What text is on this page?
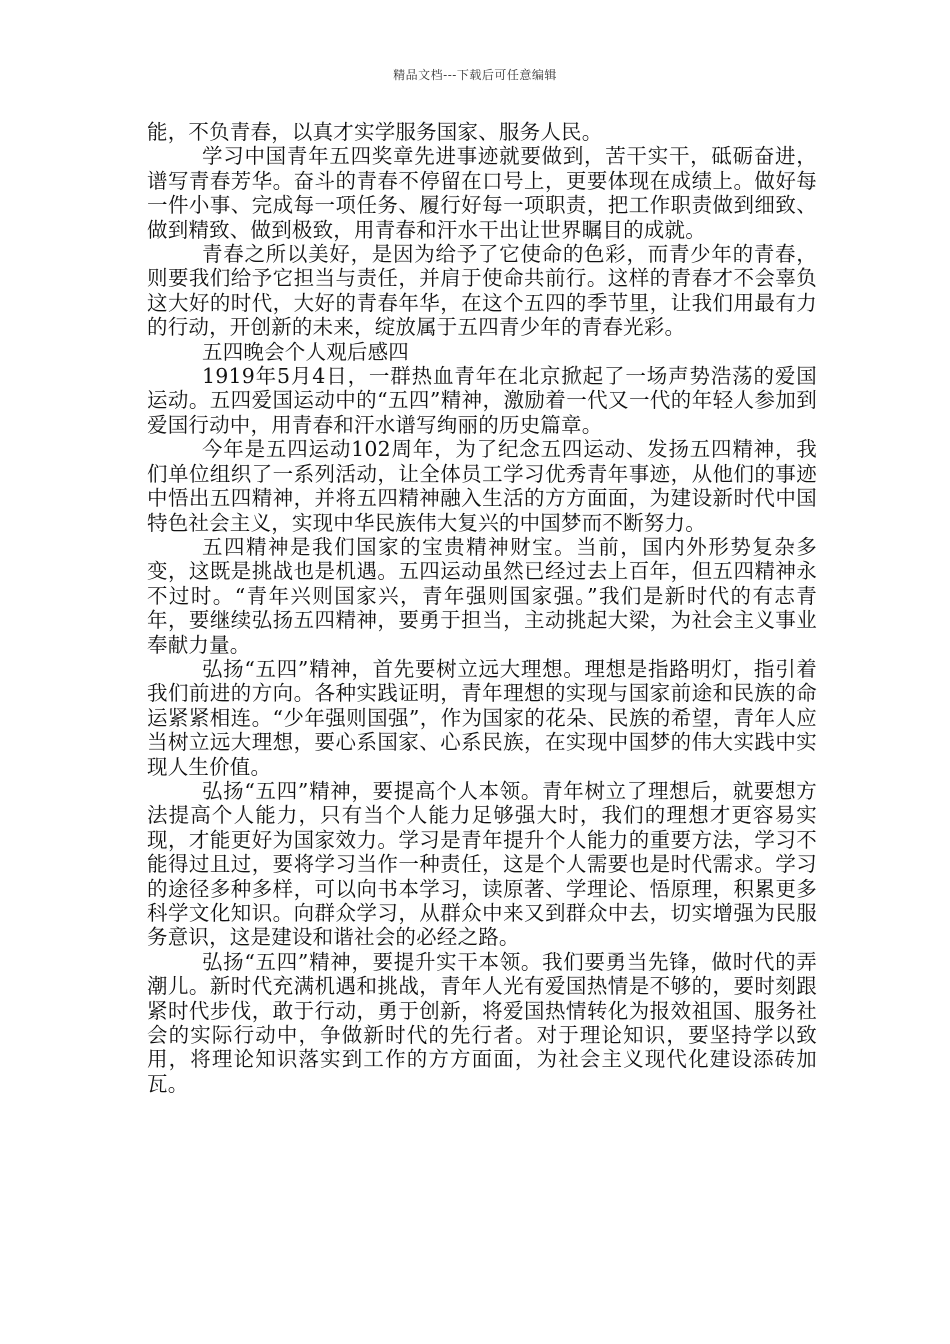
精品文档---下载后可任意编辑

能，不负青春，以真才实学服务国家、服务人民。

学习中国青年五四奖章先进事迹就要做到，苦干实干，砥砺奋进，谱写青春芳华。奋斗的青春不停留在口号上，更要体现在成绩上。做好每一件小事、完成每一项任务、履行好每一项职责，把工作职责做到细致、做到精致、做到极致，用青春和汗水干出让世界瞩目的成就。

青春之所以美好，是因为给予了它使命的色彩，而青少年的青春，则要我们给予它担当与责任，并肩于使命共前行。这样的青春才不会辜负这大好的时代，大好的青春年华，在这个五四的季节里，让我们用最有力的行动，开创新的未来，绽放属于五四青少年的青春光彩。

五四晚会个人观后感四

1919年5月4日，一群热血青年在北京掀起了一场声势浩荡的爱国运动。五四爱国运动中的“五四”精神，激励着一代又一代的年轻人参加到爱国行动中，用青春和汗水谱写绚丽的历史篇章。

今年是五四运动102周年，为了纪念五四运动、发扬五四精神，我们单位组织了一系列活动，让全体员工学习优秀青年事迹，从他们的事迹中悟出五四精神，并将五四精神融入生活的方方面面，为建设新时代中国特色社会主义，实现中华民族伟大复兴的中国梦而不断努力。

五四精神是我们国家的宝贵精神财宝。当前，国内外形势复杂多变，这既是挑战也是机遇。五四运动虽然已经过去上百年，但五四精神永不过时。“青年兴则国家兴，青年强则国家强。”我们是新时代的有志青年，要继续弘扬五四精神，要勇于担当，主动挑起大梁，为社会主义事业奉献力量。

弘扬“五四”精神，首先要树立远大理想。理想是指路明灯，指引着我们前进的方向。各种实践证明，青年理想的实现与国家前途和民族的命运紧紧相连。“少年强则国强”，作为国家的花朵、民族的希望，青年人应当树立远大理想，要心系国家、心系民族，在实现中国梦的伟大实践中实现人生价值。

弘扬“五四”精神，要提高个人本领。青年树立了理想后，就要想方法提高个人能力，只有当个人能力足够强大时，我们的理想才更容易实现，才能更好为国家效力。学习是青年提升个人能力的重要方法，学习不能得过且过，要将学习当作一种责任，这是个人需要也是时代需求。学习的途径多种多样，可以向书本学习，读原著、学理论、悟原理，积累更多科学文化知识。向群众学习，从群众中来又到群众中去，切实增强为民服务意识，这是建设和谐社会的必经之路。

弘扬“五四”精神，要提升实干本领。我们要勇当先锋，做时代的弄潮儿。新时代充满机遇和挑战，青年人光有爱国热情是不够的，要时刻跟紧时代步伐，敢于行动，勇于创新，将爱国热情转化为报效祖国、服务社会的实际行动中，争做新时代的先行者。对于理论知识，要坚持学以致用，将理论知识落实到工作的方方面面，为社会主义现代化建设添砖加瓦。
